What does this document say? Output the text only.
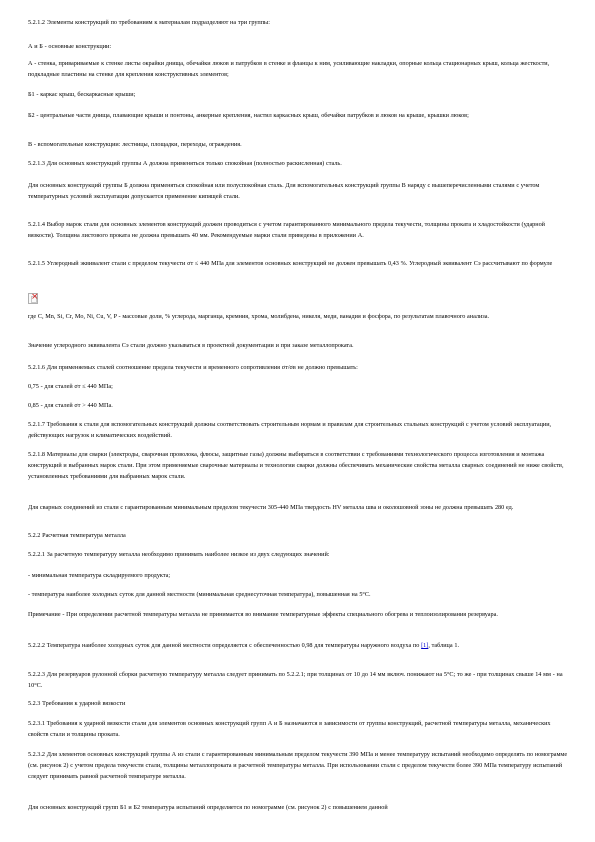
5.2.1.2 Элементы конструкций по требованиям к материалам подразделяют на три группы:

А и Б - основные конструкции:

А - стенка, привариваемые к стенке листы окрайки днища, обечайки люков и патрубков в стенке и фланцы к ним, усиливающие накладки, опорные кольца стационарных крыш, кольца жесткости, подкладные пластины на стенке для крепления конструктивных элементов;

Б1 - каркас крыш, бескаркасные крыши;

Б2 - центральные части днища, плавающие крыши и понтоны, анкерные крепления, настил каркасных крыш, обечайки патрубков и люков на крыше, крышки люков;

В - вспомогательные конструкции: лестницы, площадки, переходы, ограждения.

5.2.1.3 Для основных конструкций группы А должна применяться только спокойная (полностью раскисленная) сталь.

Для основных конструкций группы Б должна применяться спокойная или полуспокойная сталь. Для вспомогательных конструкций группы В наряду с вышеперечисленными сталями с учетом температурных условий эксплуатации допускается применение кипящей стали.

5.2.1.4 Выбор марок стали для основных элементов конструкций должен проводиться с учетом гарантированного минимального предела текучести, толщины проката и хладостойкости (ударной вязкости). Толщина листового проката не должна превышать 40 мм. Рекомендуемые марки стали приведены в приложении А.

5.2.1.5 Углеродный эквивалент стали с пределом текучести σт ≤ 440 МПа для элементов основных конструкций не должен превышать 0,43 %. Углеродный эквивалент Сэ рассчитывают по формуле

×

где C, Mn, Si, Cr, Mo, Ni, Cu, V, P - массовые доли, % углерода, марганца, кремния, хрома, молибдена, никеля, меди, ванадия и фосфора, по результатам плавочного анализа.

Значение углеродного эквивалента Сэ стали должно указываться в проектной документации и при заказе металлопроката.

5.2.1.6 Для применяемых сталей соотношение предела текучести и временного сопротивления σт/σв не должно превышать:

0,75 - для сталей σт ≤ 440 МПа;

0,85 - для сталей σт > 440 МПа.

5.2.1.7 Требования к стали для вспомогательных конструкций должны соответствовать строительным нормам и правилам для строительных стальных конструкций с учетом условий эксплуатации, действующих нагрузок и климатических воздействий.

5.2.1.8 Материалы для сварки (электроды, сварочная проволока, флюсы, защитные газы) должны выбираться в соответствии с требованиями технологического процесса изготовления и монтажа конструкций и выбранных марок стали. При этом применяемые сварочные материалы и технологии сварки должны обеспечивать механические свойства металла сварных соединений не ниже свойств, установленных требованиями для выбранных марок стали.

Для сварных соединений из стали с гарантированным минимальным пределом текучести 305-440 МПа твердость HV металла шва и околошовной зоны не должна превышать 280 ед.

5.2.2 Расчетная температура металла

5.2.2.1 За расчетную температуру металла необходимо принимать наиболее низкое из двух следующих значений:

- минимальная температура складируемого продукта;

- температура наиболее холодных суток для данной местности (минимальная среднесуточная температура), повышенная на 5°С.

Примечание - При определении расчетной температуры металла не принимается во внимание температурные эффекты специального обогрева и теплоизолирования резервуара.

5.2.2.2 Температура наиболее холодных суток для данной местности определяется с обеспеченностью 0,98 для температуры наружного воздуха по [1], таблица 1.

5.2.2.3 Для резервуаров рулонной сборки расчетную температуру металла следует принимать по 5.2.2.1; при толщинах от 10 до 14 мм включ. понижают на 5°С; то же - при толщинах свыше 14 мм - на 10°С.

5.2.3 Требования к ударной вязкости

5.2.3.1 Требования к ударной вязкости стали для элементов основных конструкций групп А и Б назначаются в зависимости от группы конструкций, расчетной температуры металла, механических свойств стали и толщины проката.

5.2.3.2 Для элементов основных конструкций группы А из стали с гарантированным минимальным пределом текучести 390 МПа и менее температуру испытаний необходимо определять по номограмме (см. рисунок 2) с учетом предела текучести стали, толщины металлопроката и расчетной температуры металла. При использовании стали с пределом текучести более 390 МПа температуру испытаний следует принимать равной расчетной температуре металла.

Для основных конструкций групп Б1 и Б2 температура испытаний определяется по номограмме (см. рисунок 2) с повышением данной
